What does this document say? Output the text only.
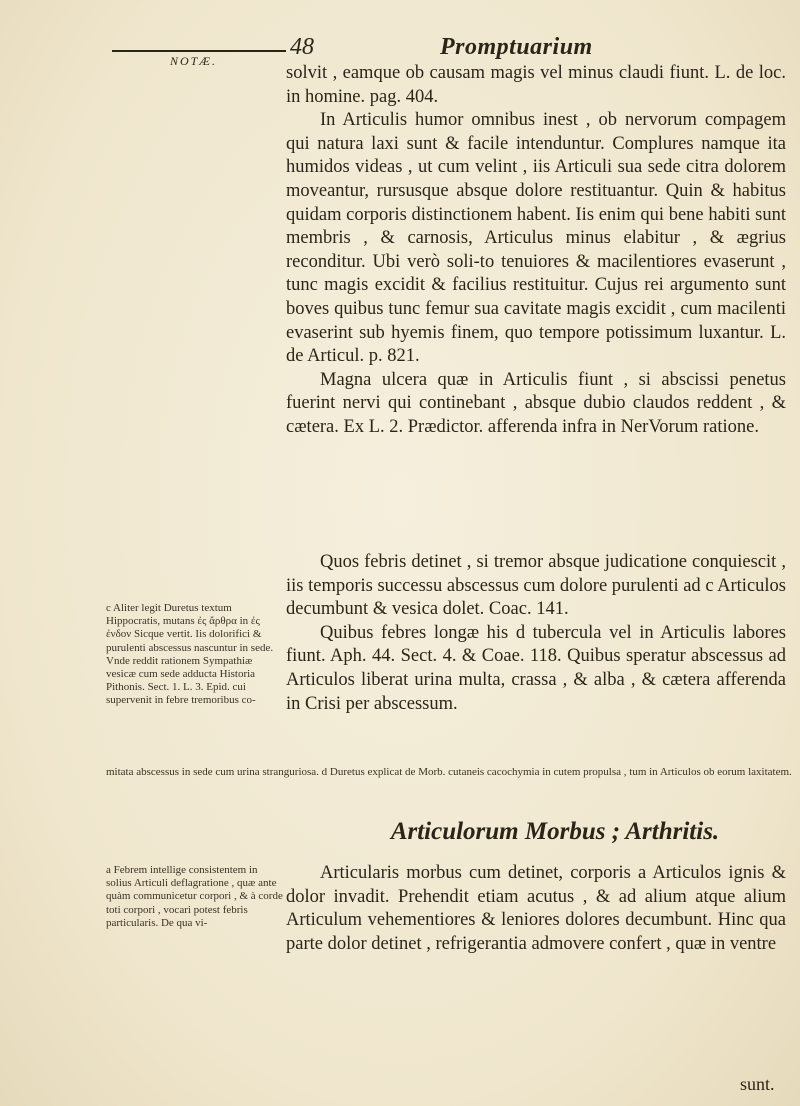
NOTÆ.
48	Promptuarium

solvit , eamque ob causam magis vel minus claudi fiunt. L. de loc. in homine. pag. 404.

In Articulis humor omnibus inest , ob nervorum compagem qui natura laxi sunt & facile intenduntur. Complures namque ita humidos videas , ut cum velint , iis Articuli sua sede citra dolorem moveantur, rursusque absque dolore restituantur. Quin & habitus quidam corporis distinctionem habent. Iis enim qui bene habiti sunt membris , & carnosis, Articulus minus elabitur , & ægrius reconditur. Ubi verò soli-to tenuiores & macilentiores evaserunt , tunc magis excidit & facilius restituitur. Cujus rei argumento sunt boves quibus tunc femur sua cavitate magis excidit , cum macilenti evaserint sub hyemis finem, quo tempore potissimum luxantur. L. de Articul. p. 821.

Magna ulcera quæ in Articulis fiunt , si abscissi penetus fuerint nervi qui continebant , absque dubio claudos reddent , & cætera. Ex L. 2. Prædictor. afferenda infra in NerVorum ratione.

Quos febris detinet , si tremor absque judicatione conquiescit , iis temporis successu abscessus cum dolore purulenti ad c Articulos decumbunt & vesica dolet. Coac. 141.

Quibus febres longæ his d tubercula vel in Articulis labores fiunt. Aph. 44. Sect. 4. & Coae. 118. Quibus speratur abscessus ad Articulos liberat urina multa, crassa , & alba , & cætera afferenda in Crisi per abscessum.

c Aliter legit Duretus textum Hippocratis, mutans ἐς ἄρθρα in ἐς ἐνδον Sicque vertit. Iis dolorifici & purulenti abscessus nascuntur in sede. Vnde reddit rationem Sympathiæ vesicæ cum sede adducta Historia Pithonis. Sect. 1. L. 3. Epid. cui supervenit in febre tremoribus co-

mitata abscessus in sede cum urina stranguriosa. d Duretus explicat de Morb. cutaneis cacochymia in cutem propulsa , tum in Articulos ob eorum laxitatem.

Articulorum Morbus ; Arthritis.

Articularis morbus cum detinet, corporis a Articulos ignis & dolor invadit. Prehendit etiam acutus , & ad alium atque alium Articulum vehementiores & leniores dolores decumbunt. Hinc qua parte dolor detinet , refrigerantia admovere confert , quæ in ventre

a Febrem intellige consistentem in solius Articuli deflagratione , quæ ante quàm communicetur corpori , & à corde toti corpori , vocari potest febris particularis. De qua vi-

sunt.
